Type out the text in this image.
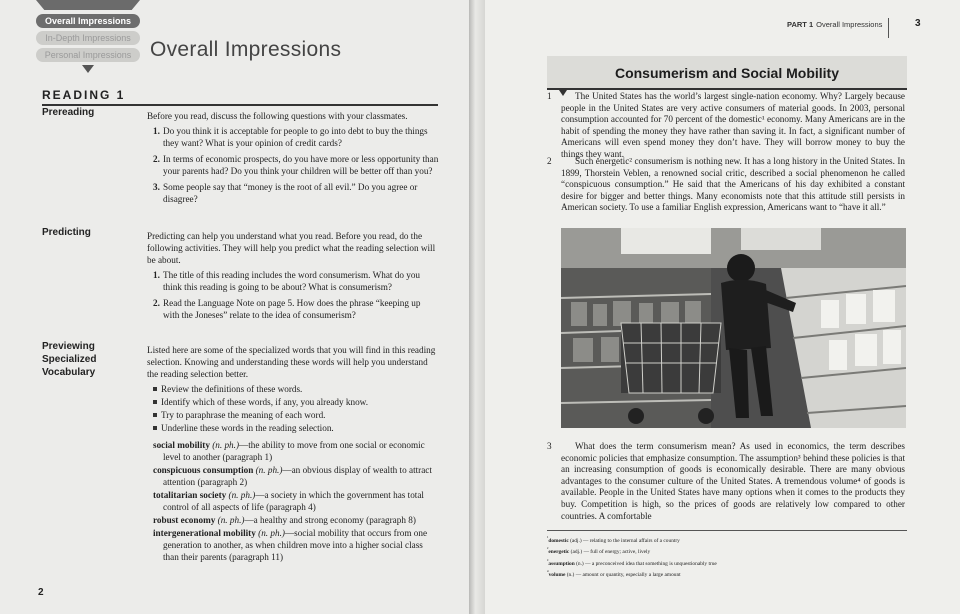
Overall Impressions
In-Depth Impressions
Personal Impressions Overall Impressions
READING 1
Prereading	Before you read, discuss the following questions with your classmates.

1. Do you think it is acceptable for people to go into debt to buy the things they want? What is your opinion of credit cards?
2. In terms of economic prospects, do you have more or less opportunity than your parents had? Do you think your children will be better off than you?
3. Some people say that “money is the root of all evil.” Do you agree or disagree?
Predicting	Predicting can help you understand what you read. Before you read, do the following activities. They will help you predict what the reading selection will be about.

1. The title of this reading includes the word consumerism. What do you think this reading is going to be about? What is consumerism?
2. Read the Language Note on page 5. How does the phrase “keeping up with the Joneses” relate to the idea of consumerism?
Previewing
Specialized
Vocabulary

Listed here are some of the specialized words that you will find in this reading selection. Knowing and understanding these words will help you understand the reading selection better.

Review the definitions of these words.
Identify which of these words, if any, you already know.
Try to paraphrase the meaning of each word.
Underline these words in the reading selection.
social mobility (n. ph.)—the ability to move from one social or economic level to another (paragraph 1)
conspicuous consumption (n. ph.)—an obvious display of wealth to attract attention (paragraph 2)
totalitarian society (n. ph.)—a society in which the government has total control of all aspects of life (paragraph 4)
robust economy (n. ph.)—a healthy and strong economy (paragraph 8)
intergenerational mobility (n. ph.)—social mobility that occurs from one generation to another, as when children move into a higher social class than their parents (paragraph 11)
2
PART 1 Overall Impressions	3
Consumerism and Social Mobility
1	The United States has the world’s largest single-nation economy. Why? Largely because people in the United States are very active consumers of material goods. In 2003, personal consumption accounted for 70 percent of the domestic¹ economy. Many Americans are in the habit of spending the money they have rather than saving it. In fact, a significant number of Americans will even spend money they don’t have. They will borrow money to buy the things they want.

2	Such energetic² consumerism is nothing new. It has a long history in the United States. In 1899, Thorstein Veblen, a renowned social critic, described a social phenomenon he called “conspicuous consumption.” He said that the Americans of his day exhibited a constant desire for bigger and better things. Many economists note that this attitude still persists in American society. To use a familiar English expression, Americans want to “have it all.”

3	What does the term consumerism mean? As used in economics, the term describes economic policies that emphasize consumption. The assumption³ behind these policies is that an increasing consumption of goods is economically desirable. There are many obvious advantages to the consumer culture of the United States. A tremendous volume⁴ of goods is available. People in the United States have many options when it comes to the products they buy. Competition is high, so the prices of goods are relatively low compared to other countries. A comfortable

$^{^1}$domestic (adj.) — relating to the internal affairs of a country
$^{^2}$energetic (adj.) — full of energy; active, lively
$^{^3}$assumption (n.) — a preconceived idea that something is unquestionably true
$^{^4}$volume (n.) — amount or quantity, especially a large amount
